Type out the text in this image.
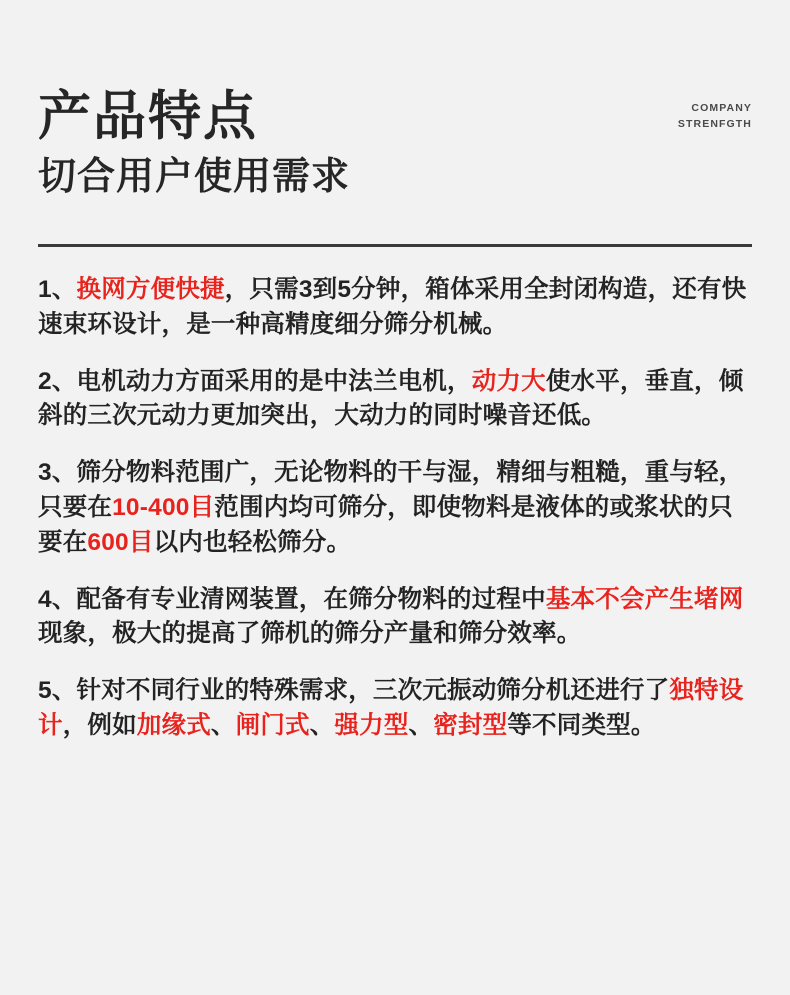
产品特点
切合用户使用需求
COMPANY
STRENFGTH

1、换网方便快捷，只需3到5分钟，箱体采用全封闭构造，还有快速束环设计，是一种高精度细分筛分机械。

2、电机动力方面采用的是中法兰电机，动力大使水平，垂直，倾斜的三次元动力更加突出，大动力的同时噪音还低。

3、筛分物料范围广，无论物料的干与湿，精细与粗糙，重与轻，只要在10-400目范围内均可筛分，即使物料是液体的或浆状的只要在600目以内也轻松筛分。

4、配备有专业清网装置，在筛分物料的过程中基本不会产生堵网现象，极大的提高了筛机的筛分产量和筛分效率。

5、针对不同行业的特殊需求，三次元振动筛分机还进行了独特设计，例如加缘式、闸门式、强力型、密封型等不同类型。
